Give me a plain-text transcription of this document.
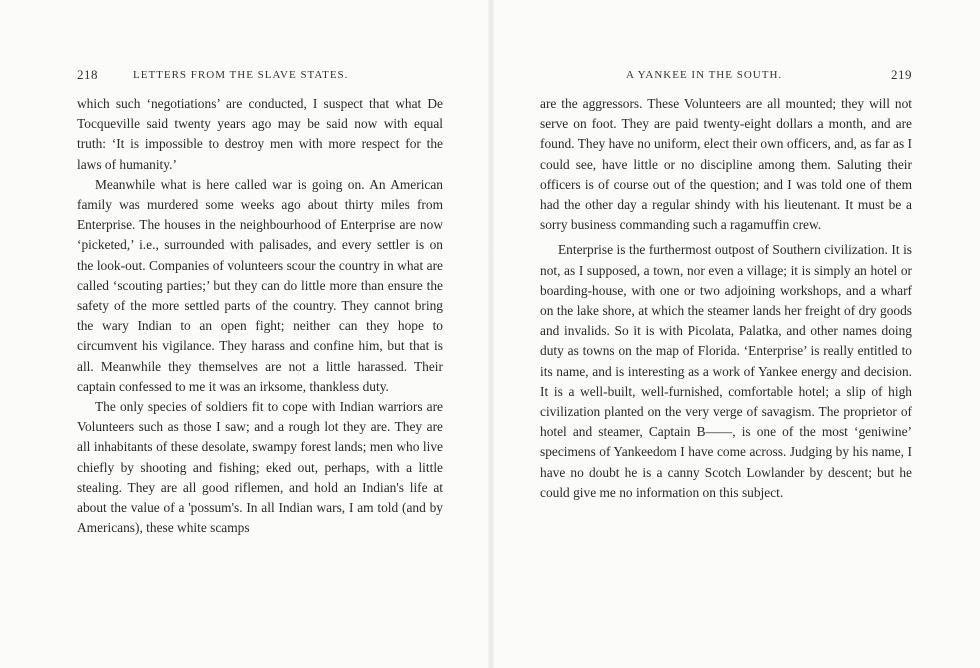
218	LETTERS FROM THE SLAVE STATES.

which such ‘negotiations’ are conducted, I suspect that what De Tocqueville said twenty years ago may be said now with equal truth: ‘It is impossible to destroy men with more respect for the laws of humanity.’

Meanwhile what is here called war is going on. An American family was murdered some weeks ago about thirty miles from Enterprise. The houses in the neighbourhood of Enterprise are now ‘picketed,’ i.e., surrounded with palisades, and every settler is on the look-out. Companies of volunteers scour the country in what are called ‘scouting parties;’ but they can do little more than ensure the safety of the more settled parts of the country. They cannot bring the wary Indian to an open fight; neither can they hope to circumvent his vigilance. They harass and confine him, but that is all. Meanwhile they themselves are not a little harassed. Their captain confessed to me it was an irksome, thankless duty.

The only species of soldiers fit to cope with Indian warriors are Volunteers such as those I saw; and a rough lot they are. They are all inhabitants of these desolate, swampy forest lands; men who live chiefly by shooting and fishing; eked out, perhaps, with a little stealing. They are all good riflemen, and hold an Indian's life at about the value of a 'possum's. In all Indian wars, I am told (and by Americans), these white scamps

A YANKEE IN THE SOUTH.	219

are the aggressors. These Volunteers are all mounted; they will not serve on foot. They are paid twenty-eight dollars a month, and are found. They have no uniform, elect their own officers, and, as far as I could see, have little or no discipline among them. Saluting their officers is of course out of the question; and I was told one of them had the other day a regular shindy with his lieutenant. It must be a sorry business commanding such a ragamuffin crew.

Enterprise is the furthermost outpost of Southern civilization. It is not, as I supposed, a town, nor even a village; it is simply an hotel or boarding-house, with one or two adjoining workshops, and a wharf on the lake shore, at which the steamer lands her freight of dry goods and invalids. So it is with Picolata, Palatka, and other names doing duty as towns on the map of Florida. ‘Enterprise’ is really entitled to its name, and is interesting as a work of Yankee energy and decision. It is a well-built, well-furnished, comfortable hotel; a slip of high civilization planted on the very verge of savagism. The proprietor of hotel and steamer, Captain B——, is one of the most ‘geniwine’ specimens of Yankeedom I have come across. Judging by his name, I have no doubt he is a canny Scotch Lowlander by descent; but he could give me no information on this subject.
